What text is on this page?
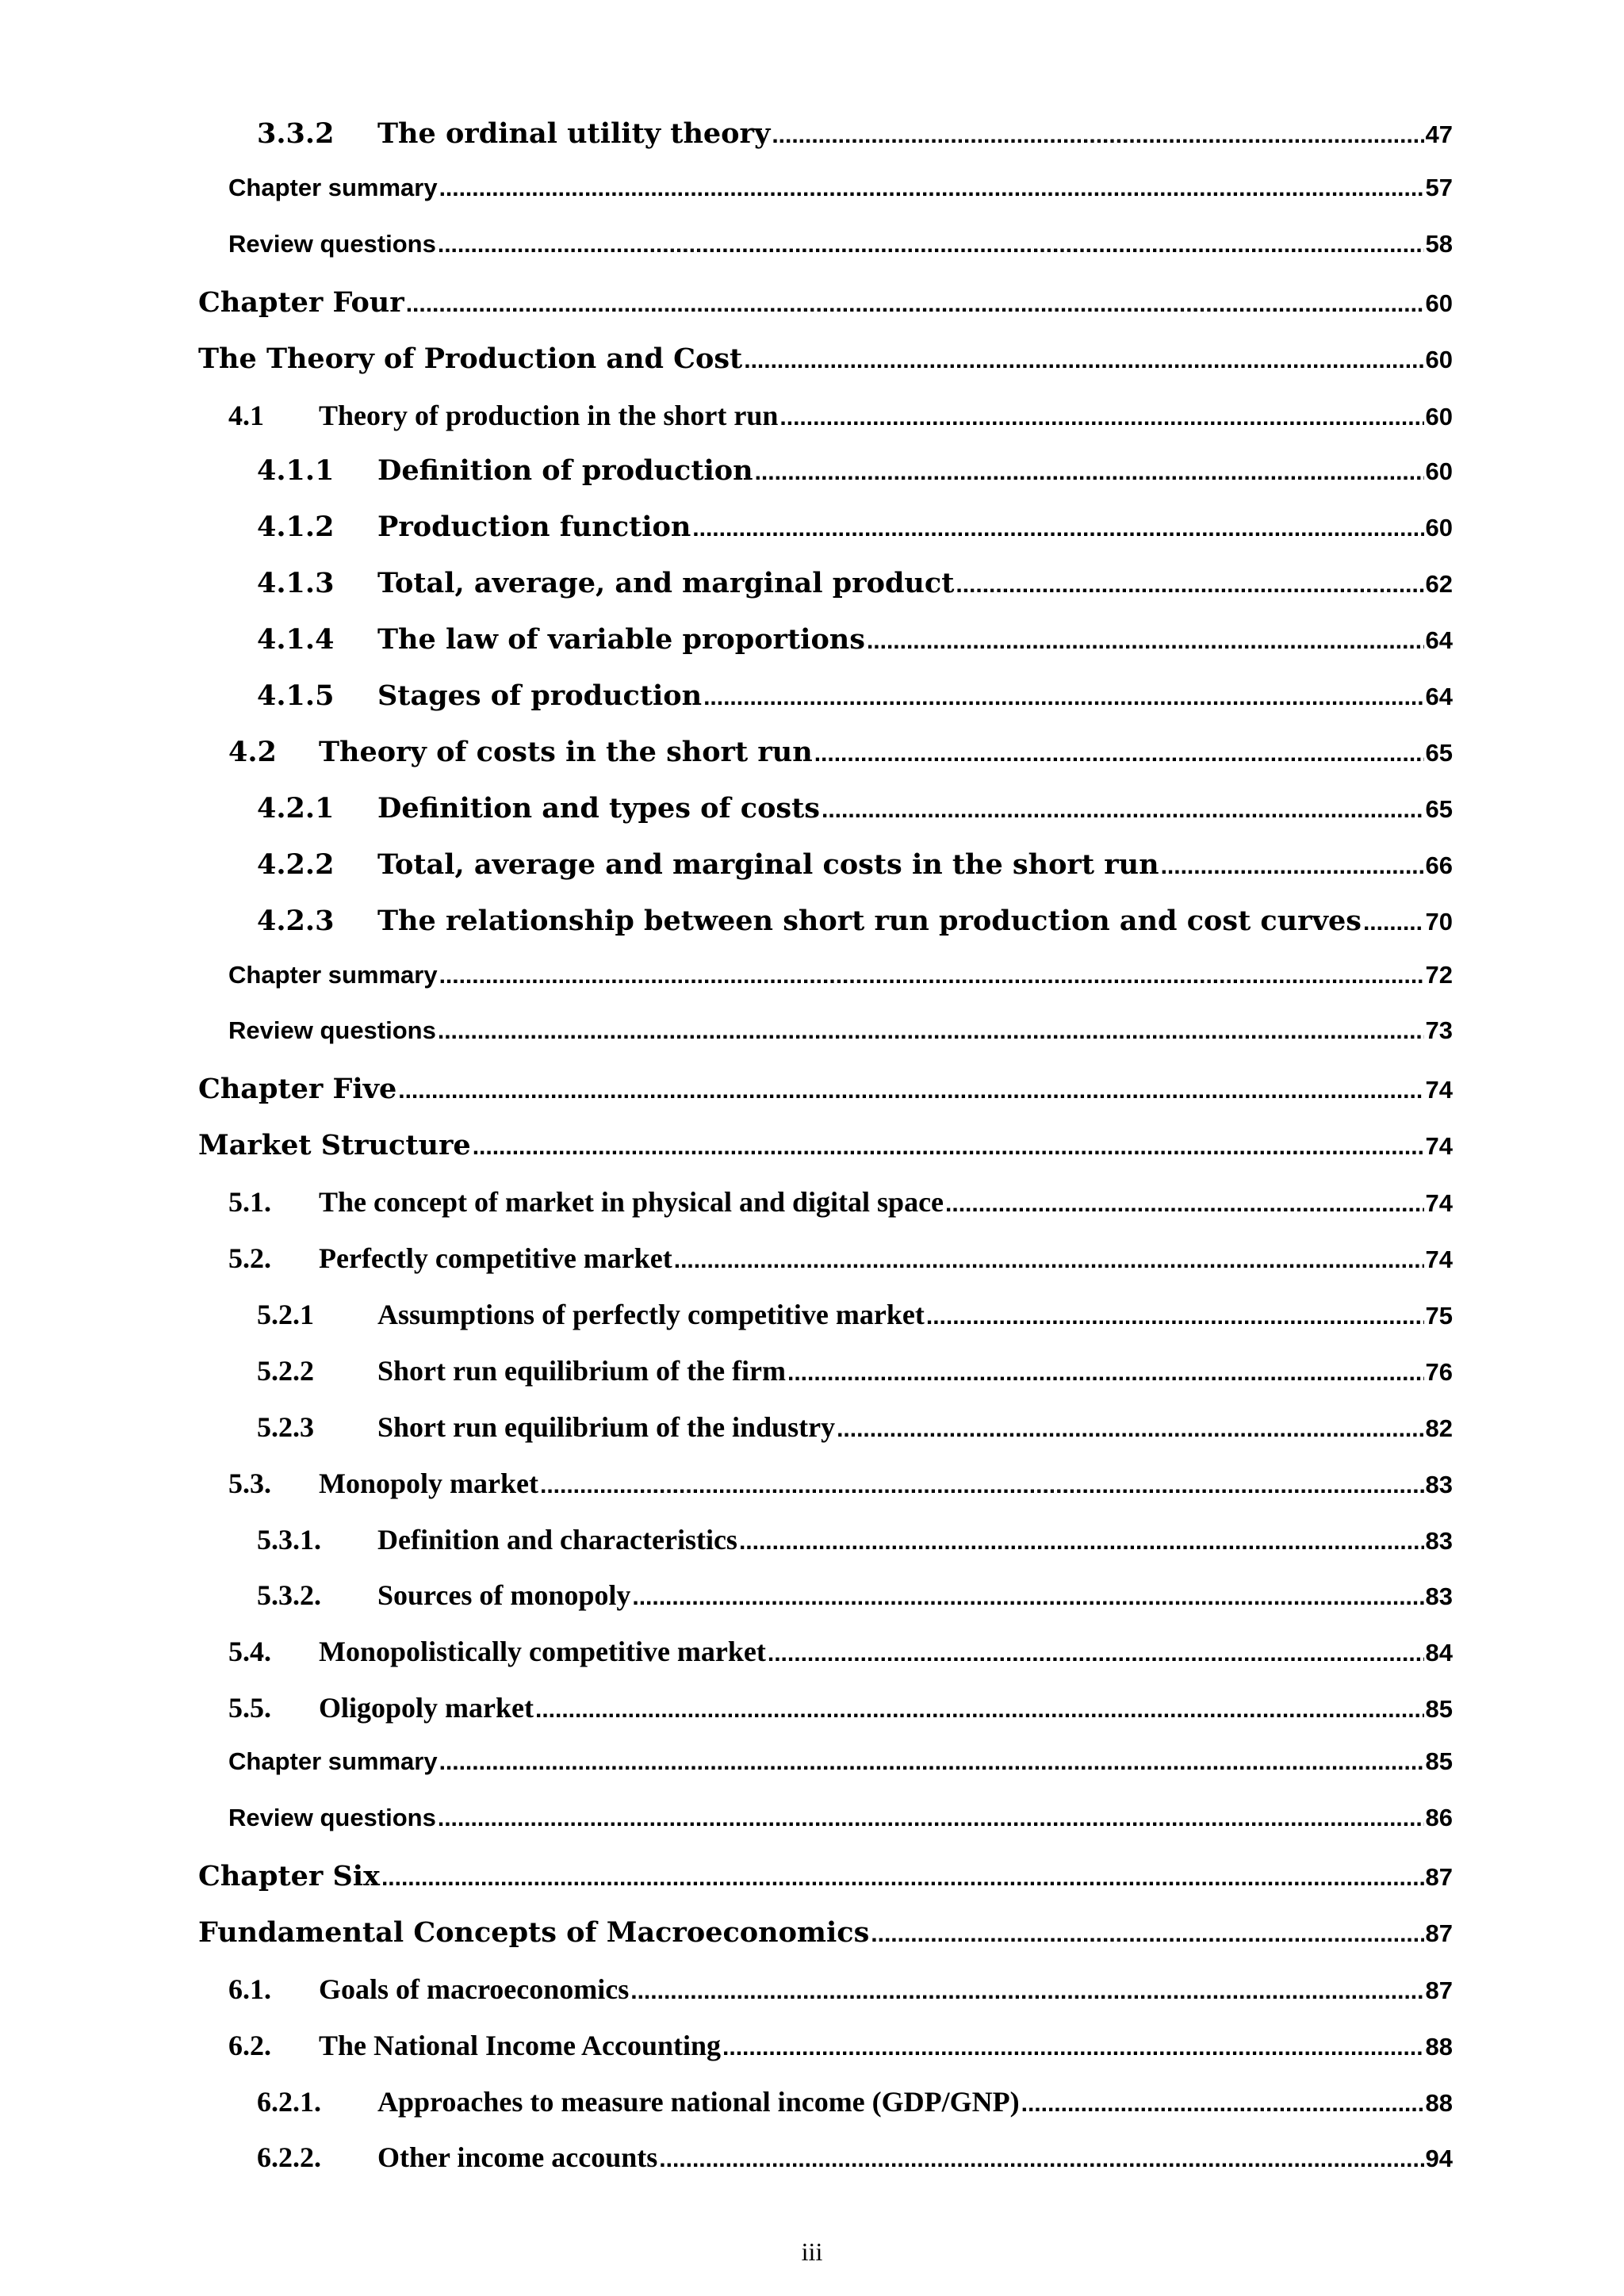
3.3.2	The ordinal utility theory .....	47
Chapter summary .....	57
Review questions .....	58
Chapter Four .....	60
The Theory of Production and Cost .....	60
4.1	Theory of production in the short run .....	60
4.1.1	Definition of production .....	60
4.1.2	Production function .....	60
4.1.3	Total, average, and marginal product .....	62
4.1.4	The law of variable proportions .....	64
4.1.5	Stages of production .....	64
4.2	Theory of costs in the short run .....	65
4.2.1	Definition and types of costs .....	65
4.2.2	Total, average and marginal costs in the short run .....	66
4.2.3	The relationship between short run production and cost curves .....	70
Chapter summary .....	72
Review questions .....	73
Chapter Five .....	74
Market Structure .....	74
5.1.	The concept of market in physical and digital space .....	74
5.2.	Perfectly competitive market .....	74
5.2.1	Assumptions of perfectly competitive market .....	75
5.2.2	Short run equilibrium of the firm .....	76
5.2.3	Short run equilibrium of the industry .....	82
5.3.	Monopoly market .....	83
5.3.1.	Definition and characteristics .....	83
5.3.2.	Sources of monopoly .....	83
5.4.	Monopolistically competitive market .....	84
5.5.	Oligopoly market .....	85
Chapter summary .....	85
Review questions .....	86
Chapter Six .....	87
Fundamental Concepts of Macroeconomics .....	87
6.1.	Goals of macroeconomics .....	87
6.2.	The National Income Accounting .....	88
6.2.1.	Approaches to measure national income (GDP/GNP) .....	88
6.2.2.	Other income accounts .....	94
iii
